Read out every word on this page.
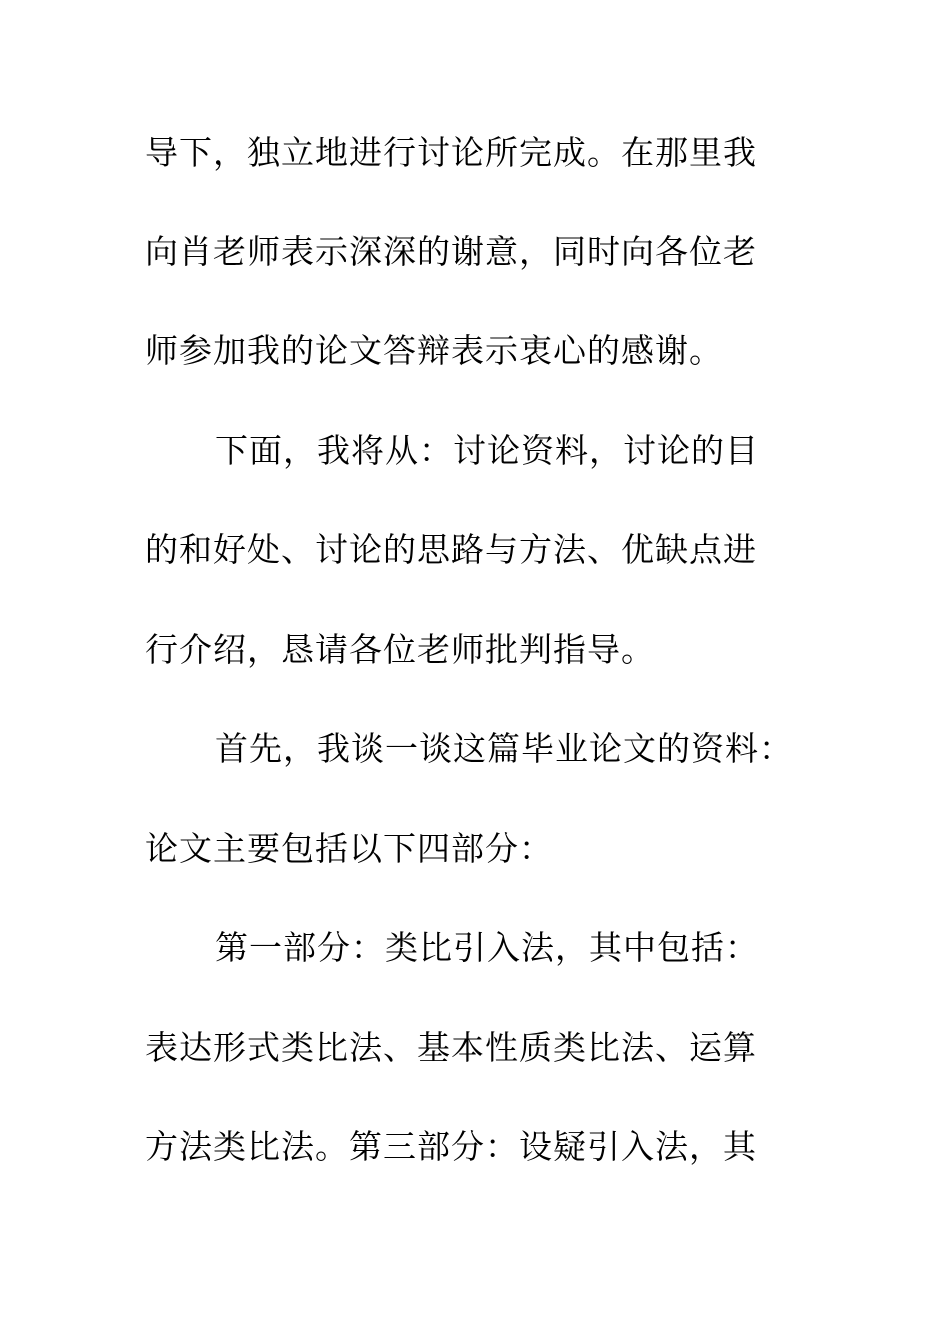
导下，独立地进行讨论所完成。在那里我
向肖老师表示深深的谢意，同时向各位老
师参加我的论文答辩表示衷心的感谢。
下面，我将从：讨论资料，讨论的目
的和好处、讨论的思路与方法、优缺点进
行介绍，恳请各位老师批判指导。
首先，我谈一谈这篇毕业论文的资料：
论文主要包括以下四部分：
第一部分：类比引入法，其中包括：
表达形式类比法、基本性质类比法、运算
方法类比法。第三部分：设疑引入法，其
